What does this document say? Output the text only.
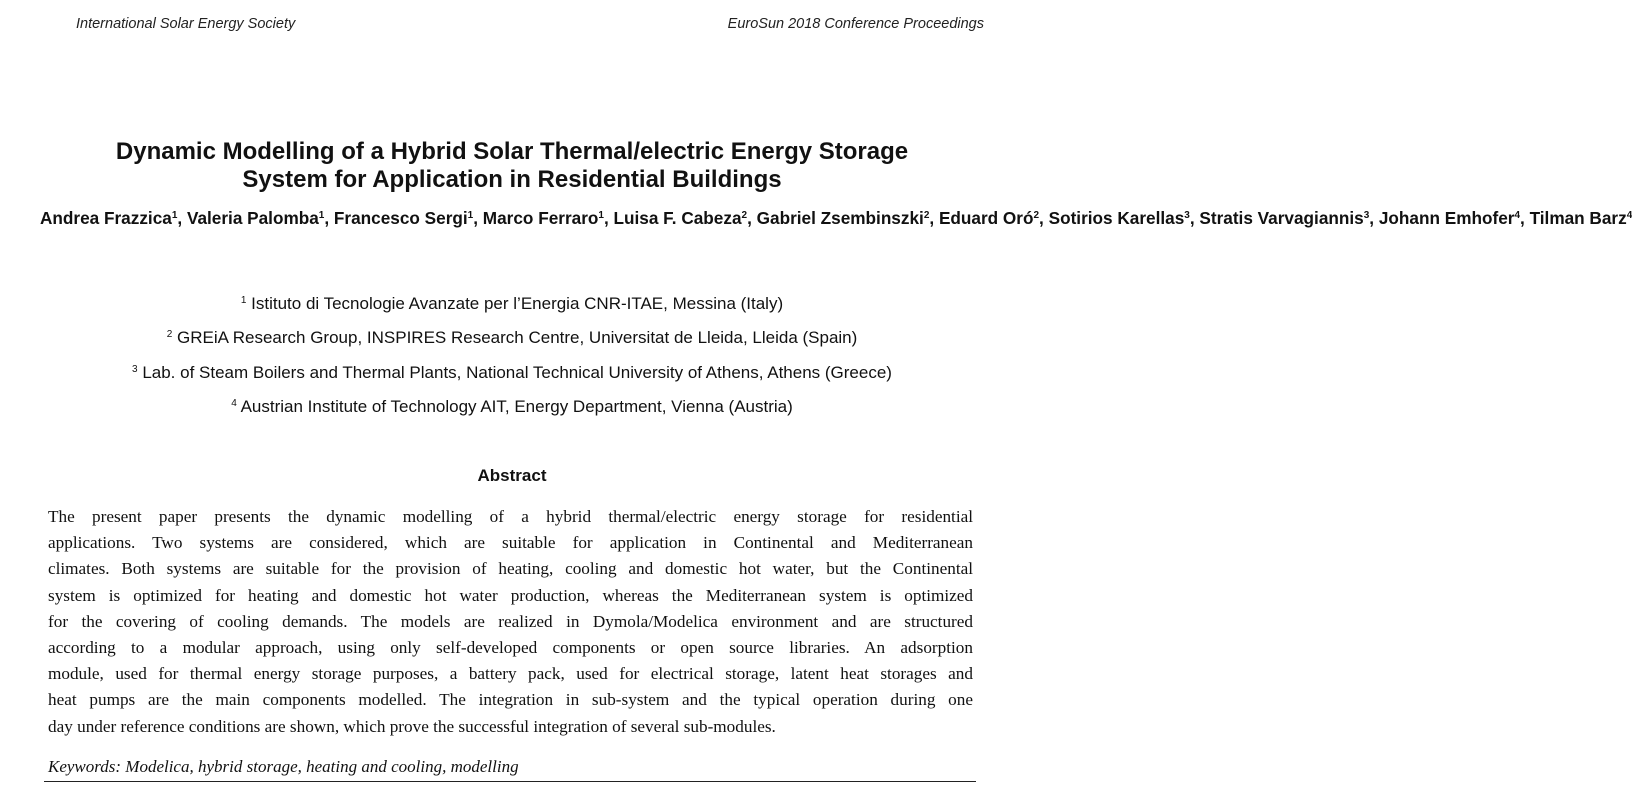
International Solar Energy Society	EuroSun 2018 Conference Proceedings
Dynamic Modelling of a Hybrid Solar Thermal/electric Energy Storage
System for Application in Residential Buildings
Andrea Frazzica$^1$, Valeria Palomba$^1$, Francesco Sergi$^1$, Marco Ferraro$^1$, Luisa F. Cabeza$^2$, Gabriel Zsembinszki$^2$, Eduard Oró$^2$, Sotirios Karellas$^3$, Stratis Varvagiannis$^3$, Johann Emhofer$^4$, Tilman Barz$^4$
$^1$ Istituto di Tecnologie Avanzate per l’Energia CNR-ITAE, Messina (Italy)
$^2$ GREiA Research Group, INSPIRES Research Centre, Universitat de Lleida, Lleida (Spain)
$^3$ Lab. of Steam Boilers and Thermal Plants, National Technical University of Athens, Athens (Greece)
$^4$ Austrian Institute of Technology AIT, Energy Department, Vienna (Austria)
Abstract
The present paper presents the dynamic modelling of a hybrid thermal/electric energy storage for residential
applications. Two systems are considered, which are suitable for application in Continental and Mediterranean
climates. Both systems are suitable for the provision of heating, cooling and domestic hot water, but the Continental
system is optimized for heating and domestic hot water production, whereas the Mediterranean system is optimized
for the covering of cooling demands. The models are realized in Dymola/Modelica environment and are structured
according to a modular approach, using only self-developed components or open source libraries. An adsorption
module, used for thermal energy storage purposes, a battery pack, used for electrical storage, latent heat storages and
heat pumps are the main components modelled. The integration in sub-system and the typical operation during one
day under reference conditions are shown, which prove the successful integration of several sub-modules.
Keywords: Modelica, hybrid storage, heating and cooling, modelling
